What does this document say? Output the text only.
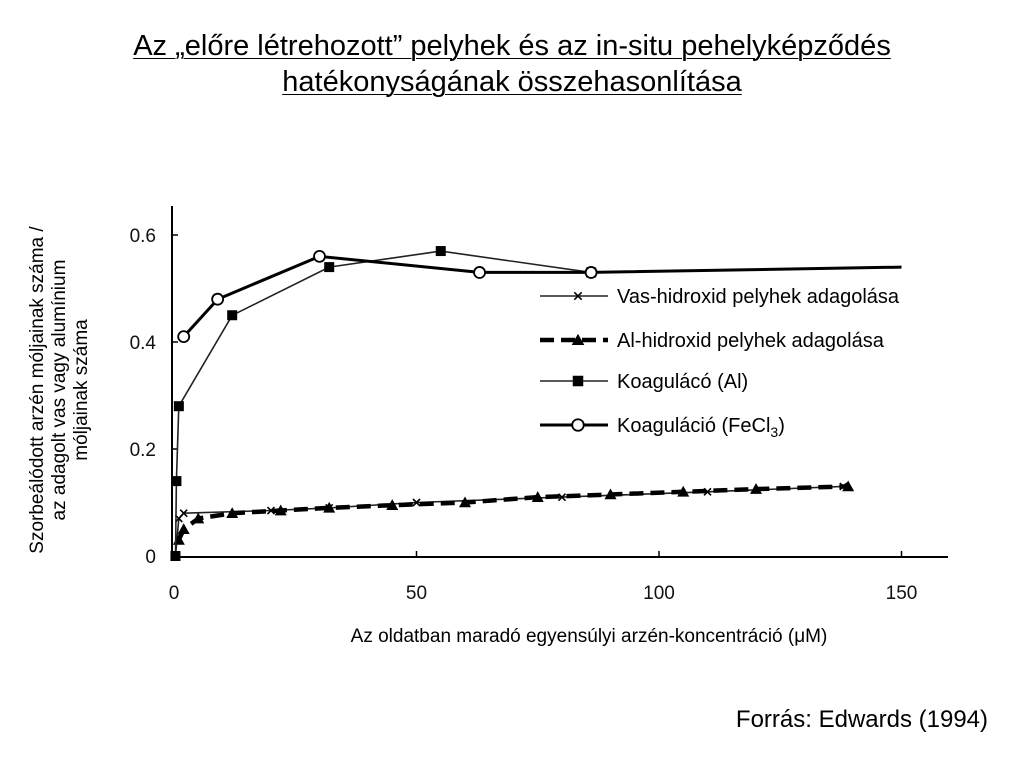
Az „előre létrehozott” pelyhek és az in-situ pehelyképződés
hatékonyságának összehasonlítása
Szorbeálódott arzén móljainak száma / az adagolt vas vagy alumínium móljainak száma
0	50	100	150
0
0.2
0.4
0.6
Vas-hidroxid pelyhek adagolása
Al-hidroxid pelyhek adagolása
Koagulácó (Al)
Koaguláció (FeCl$_3$)
Az oldatban maradó egyensúlyi arzén-koncentráció (μM)
Forrás: Edwards (1994)
